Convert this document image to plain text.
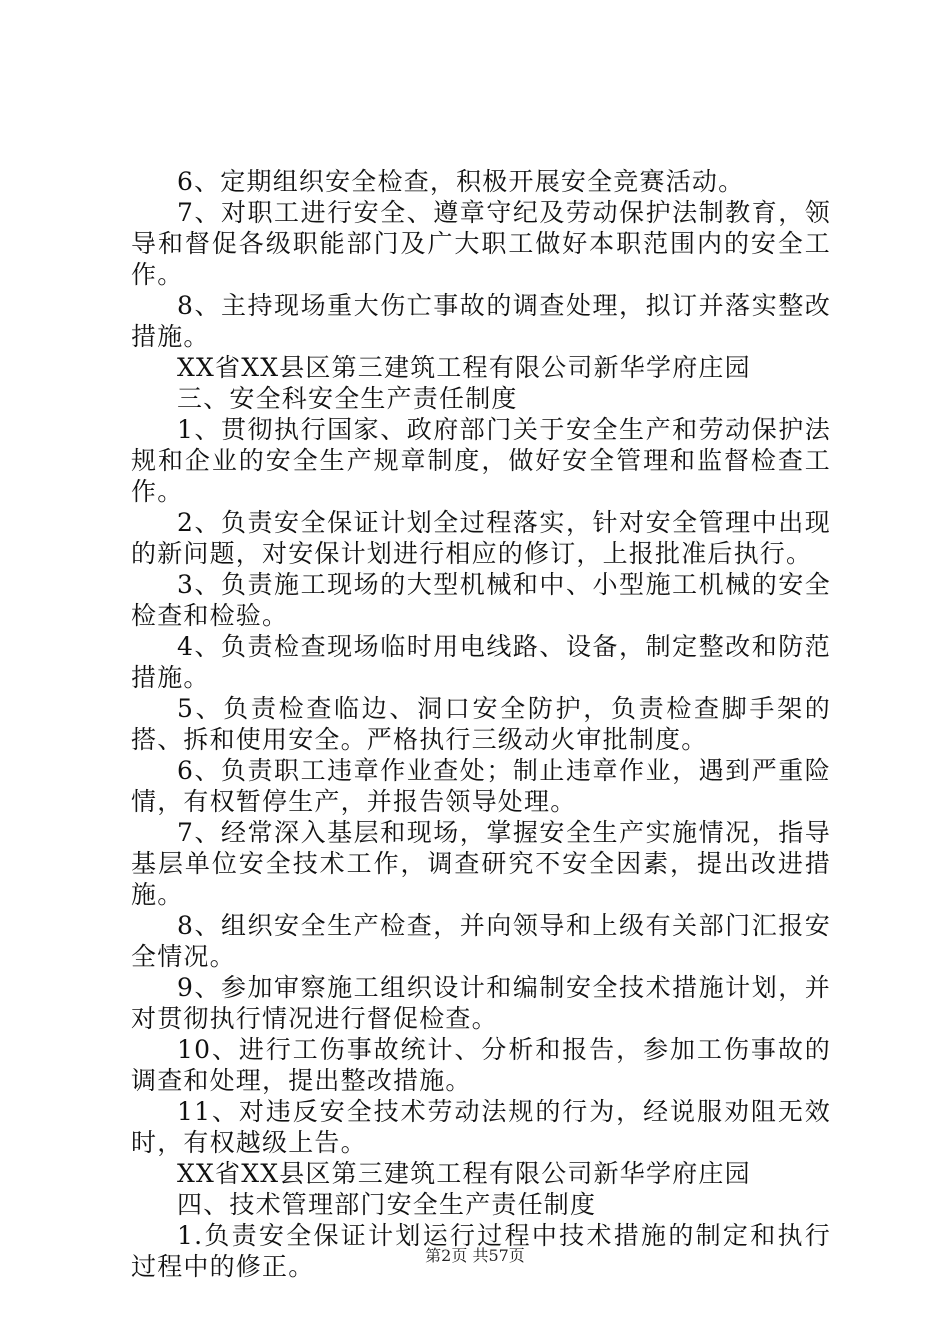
6、定期组织安全检查，积极开展安全竞赛活动。

7、对职工进行安全、遵章守纪及劳动保护法制教育，领导和督促各级职能部门及广大职工做好本职范围内的安全工作。

8、主持现场重大伤亡事故的调查处理，拟订并落实整改措施。

XX省XX县区第三建筑工程有限公司新华学府庄园

三、安全科安全生产责任制度

1、贯彻执行国家、政府部门关于安全生产和劳动保护法规和企业的安全生产规章制度，做好安全管理和监督检查工作。

2、负责安全保证计划全过程落实，针对安全管理中出现的新问题，对安保计划进行相应的修订，上报批准后执行。

3、负责施工现场的大型机械和中、小型施工机械的安全检查和检验。

4、负责检查现场临时用电线路、设备，制定整改和防范措施。

5、负责检查临边、洞口安全防护，负责检查脚手架的搭、拆和使用安全。严格执行三级动火审批制度。

6、负责职工违章作业查处；制止违章作业，遇到严重险情，有权暂停生产，并报告领导处理。

7、经常深入基层和现场，掌握安全生产实施情况，指导基层单位安全技术工作，调查研究不安全因素，提出改进措施。

8、组织安全生产检查，并向领导和上级有关部门汇报安全情况。

9、参加审察施工组织设计和编制安全技术措施计划，并对贯彻执行情况进行督促检查。

10、进行工伤事故统计、分析和报告，参加工伤事故的调查和处理，提出整改措施。

11、对违反安全技术劳动法规的行为，经说服劝阻无效时，有权越级上告。

XX省XX县区第三建筑工程有限公司新华学府庄园

四、技术管理部门安全生产责任制度

1.负责安全保证计划运行过程中技术措施的制定和执行过程中的修正。	第2页 共57页
